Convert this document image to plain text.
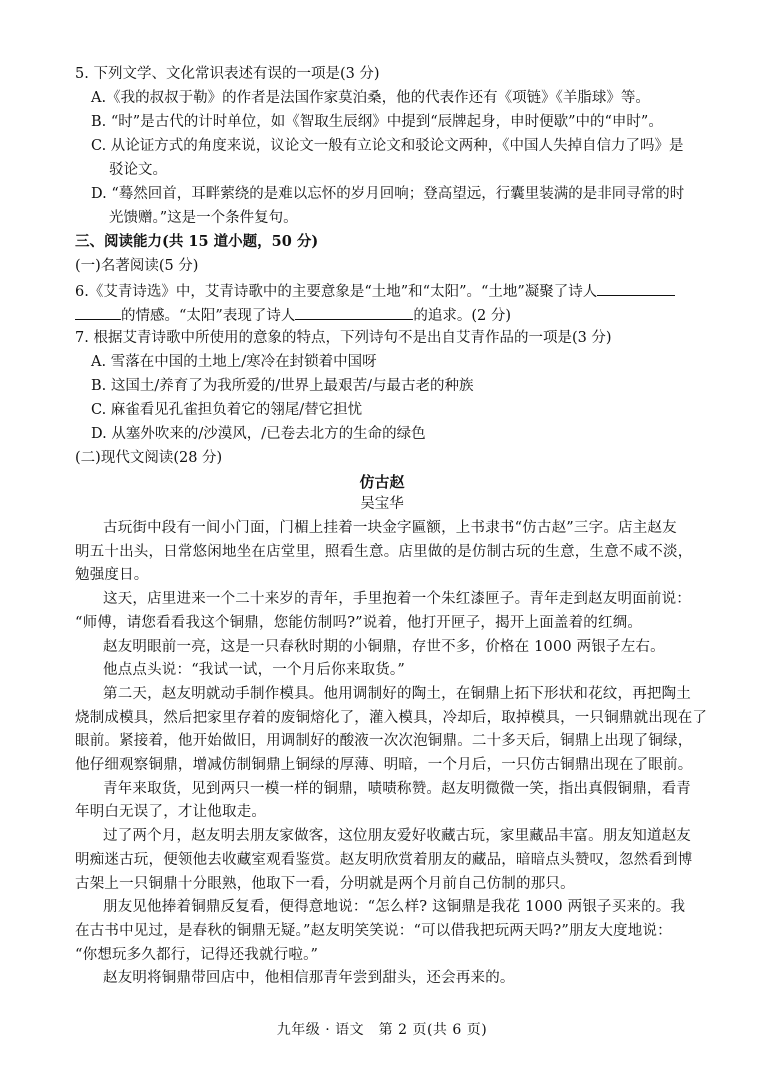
5. 下列文学、文化常识表述有误的一项是(3 分)
A.《我的叔叔于勒》的作者是法国作家莫泊桑，他的代表作还有《项链》《羊脂球》等。
B. “时”是古代的计时单位，如《智取生辰纲》中提到“辰牌起身，申时便歇”中的“申时”。
C. 从论证方式的角度来说，议论文一般有立论文和驳论文两种，《中国人失掉自信力了吗》是
驳论文。
D. “蓦然回首，耳畔萦绕的是难以忘怀的岁月回响；登高望远，行囊里装满的是非同寻常的时
光馈赠。”这是一个条件复句。
三、阅读能力(共 15 道小题，50 分)
(一)名著阅读(5 分)
6.《艾青诗选》中，艾青诗歌中的主要意象是“土地”和“太阳”。“土地”凝聚了诗人
的情感。“太阳”表现了诗人	的追求。(2 分)
7. 根据艾青诗歌中所使用的意象的特点，下列诗句不是出自艾青作品的一项是(3 分)
A. 雪落在中国的土地上/寒冷在封锁着中国呀
B. 这国土/养育了为我所爱的/世界上最艰苦/与最古老的种族
C. 麻雀看见孔雀担负着它的翎尾/替它担忧
D. 从塞外吹来的/沙漠风，/已卷去北方的生命的绿色
(二)现代文阅读(28 分)
仿古赵
吴宝华
古玩街中段有一间小门面，门楣上挂着一块金字匾额，上书隶书“仿古赵”三字。店主赵友
明五十出头，日常悠闲地坐在店堂里，照看生意。店里做的是仿制古玩的生意，生意不咸不淡，
勉强度日。
这天，店里进来一个二十来岁的青年，手里抱着一个朱红漆匣子。青年走到赵友明面前说：
“师傅，请您看看我这个铜鼎，您能仿制吗?”说着，他打开匣子，揭开上面盖着的红绸。
赵友明眼前一亮，这是一只春秋时期的小铜鼎，存世不多，价格在 1000 两银子左右。
他点点头说：“我试一试，一个月后你来取货。”
第二天，赵友明就动手制作模具。他用调制好的陶土，在铜鼎上拓下形状和花纹，再把陶土
烧制成模具，然后把家里存着的废铜熔化了，灌入模具，冷却后，取掉模具，一只铜鼎就出现在了
眼前。紧接着，他开始做旧，用调制好的酸液一次次泡铜鼎。二十多天后，铜鼎上出现了铜绿，
他仔细观察铜鼎，增减仿制铜鼎上铜绿的厚薄、明暗，一个月后，一只仿古铜鼎出现在了眼前。
青年来取货，见到两只一模一样的铜鼎，啧啧称赞。赵友明微微一笑，指出真假铜鼎，看青
年明白无误了，才让他取走。
过了两个月，赵友明去朋友家做客，这位朋友爱好收藏古玩，家里藏品丰富。朋友知道赵友
明痴迷古玩，便领他去收藏室观看鉴赏。赵友明欣赏着朋友的藏品，暗暗点头赞叹，忽然看到博
古架上一只铜鼎十分眼熟，他取下一看，分明就是两个月前自己仿制的那只。
朋友见他捧着铜鼎反复看，便得意地说：“怎么样? 这铜鼎是我花 1000 两银子买来的。我
在古书中见过，是春秋的铜鼎无疑。”赵友明笑笑说：“可以借我把玩两天吗?”朋友大度地说：
“你想玩多久都行，记得还我就行啦。”
赵友明将铜鼎带回店中，他相信那青年尝到甜头，还会再来的。
九年级 · 语文　第 2 页(共 6 页)
